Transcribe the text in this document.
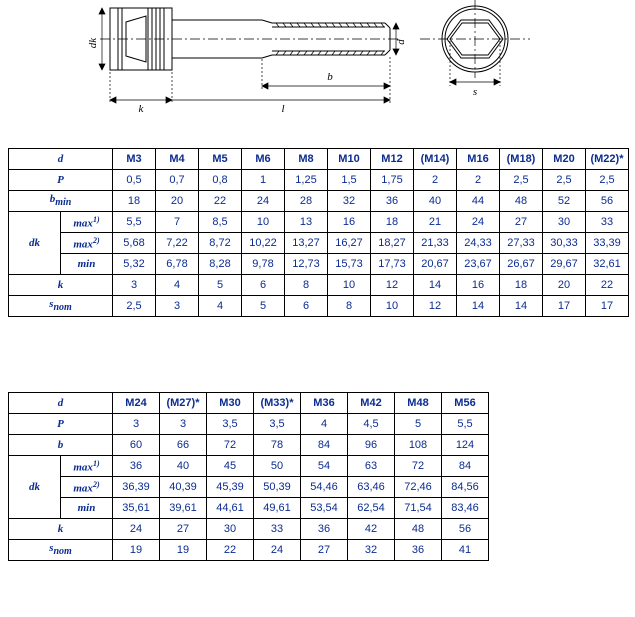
dk	d
k	l
b
s
d		M3	M4	M5	M6	M8	M10	M12	(M14)	M16	(M18)	M20	(M22)*
P		0,5	0,7	0,8	1	1,25	1,5	1,75	2	2	2,5	2,5	2,5
bmin		18	20	22	24	28	32	36	40	44	48	52	56
dk	$\max^{1)}$	5,5	7	8,5	10	13	16	18	21	24	27	30	33
	$\max^{2)}$	5,68	7,22	8,72	10,22	13,27	16,27	18,27	21,33	24,33	27,33	30,33	33,39
	min	5,32	6,78	8,28	9,78	12,73	15,73	17,73	20,67	23,67	26,67	29,67	32,61
k		3	4	5	6	8	10	12	14	16	18	20	22
snom		2,5	3	4	5	6	8	10	12	14	14	17	17
d		M24	(M27)*	M30	(M33)*	M36	M42	M48	M56
P		3	3	3,5	3,5	4	4,5	5	5,5
b		60	66	72	78	84	96	108	124
dk	$\max^{1)}$	36	40	45	50	54	63	72	84
	$\max^{2)}$	36,39	40,39	45,39	50,39	54,46	63,46	72,46	84,56
	min	35,61	39,61	44,61	49,61	53,54	62,54	71,54	83,46
k		24	27	30	33	36	42	48	56
snom		19	19	22	24	27	32	36	41
